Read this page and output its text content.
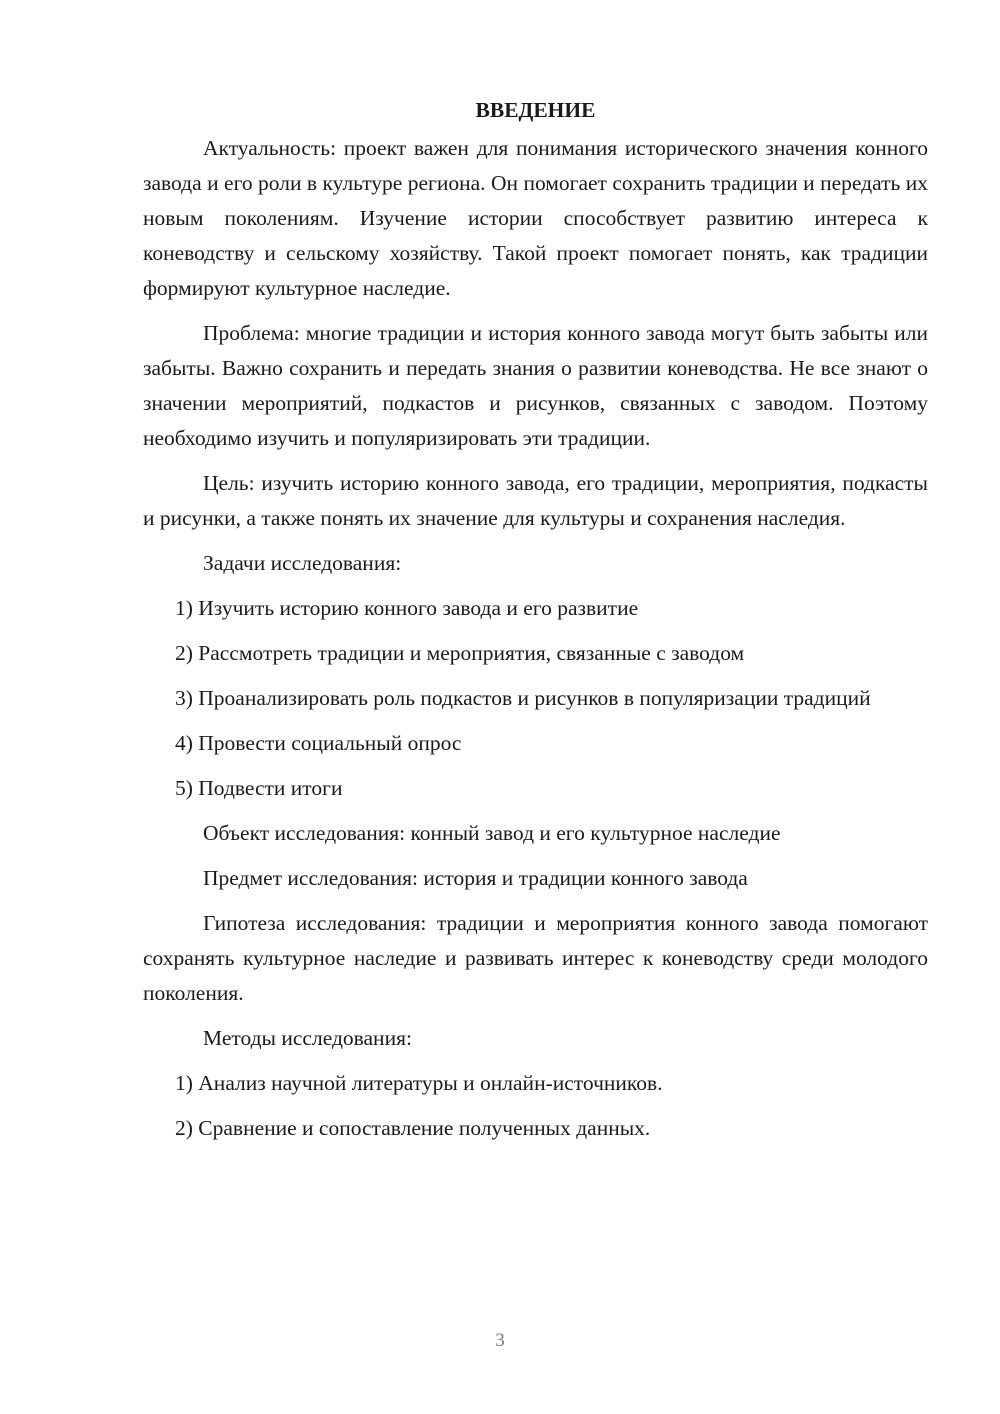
ВВЕДЕНИЕ

Актуальность: проект важен для понимания исторического значения конного завода и его роли в культуре региона. Он помогает сохранить традиции и передать их новым поколениям. Изучение истории способствует развитию интереса к коневодству и сельскому хозяйству. Такой проект помогает понять, как традиции формируют культурное наследие.

Проблема: многие традиции и история конного завода могут быть забыты или забыты. Важно сохранить и передать знания о развитии коневодства. Не все знают о значении мероприятий, подкастов и рисунков, связанных с заводом. Поэтому необходимо изучить и популяризировать эти традиции.

Цель: изучить историю конного завода, его традиции, мероприятия, подкасты и рисунки, а также понять их значение для культуры и сохранения наследия.

Задачи исследования:

1) Изучить историю конного завода и его развитие

2) Рассмотреть традиции и мероприятия, связанные с заводом

3) Проанализировать роль подкастов и рисунков в популяризации традиций

4) Провести социальный опрос

5) Подвести итоги

Объект исследования: конный завод и его культурное наследие

Предмет исследования: история и традиции конного завода

Гипотеза исследования: традиции и мероприятия конного завода помогают сохранять культурное наследие и развивать интерес к коневодству среди молодого поколения.

Методы исследования:

1) Анализ научной литературы и онлайн-источников.

2) Сравнение и сопоставление полученных данных.

3
